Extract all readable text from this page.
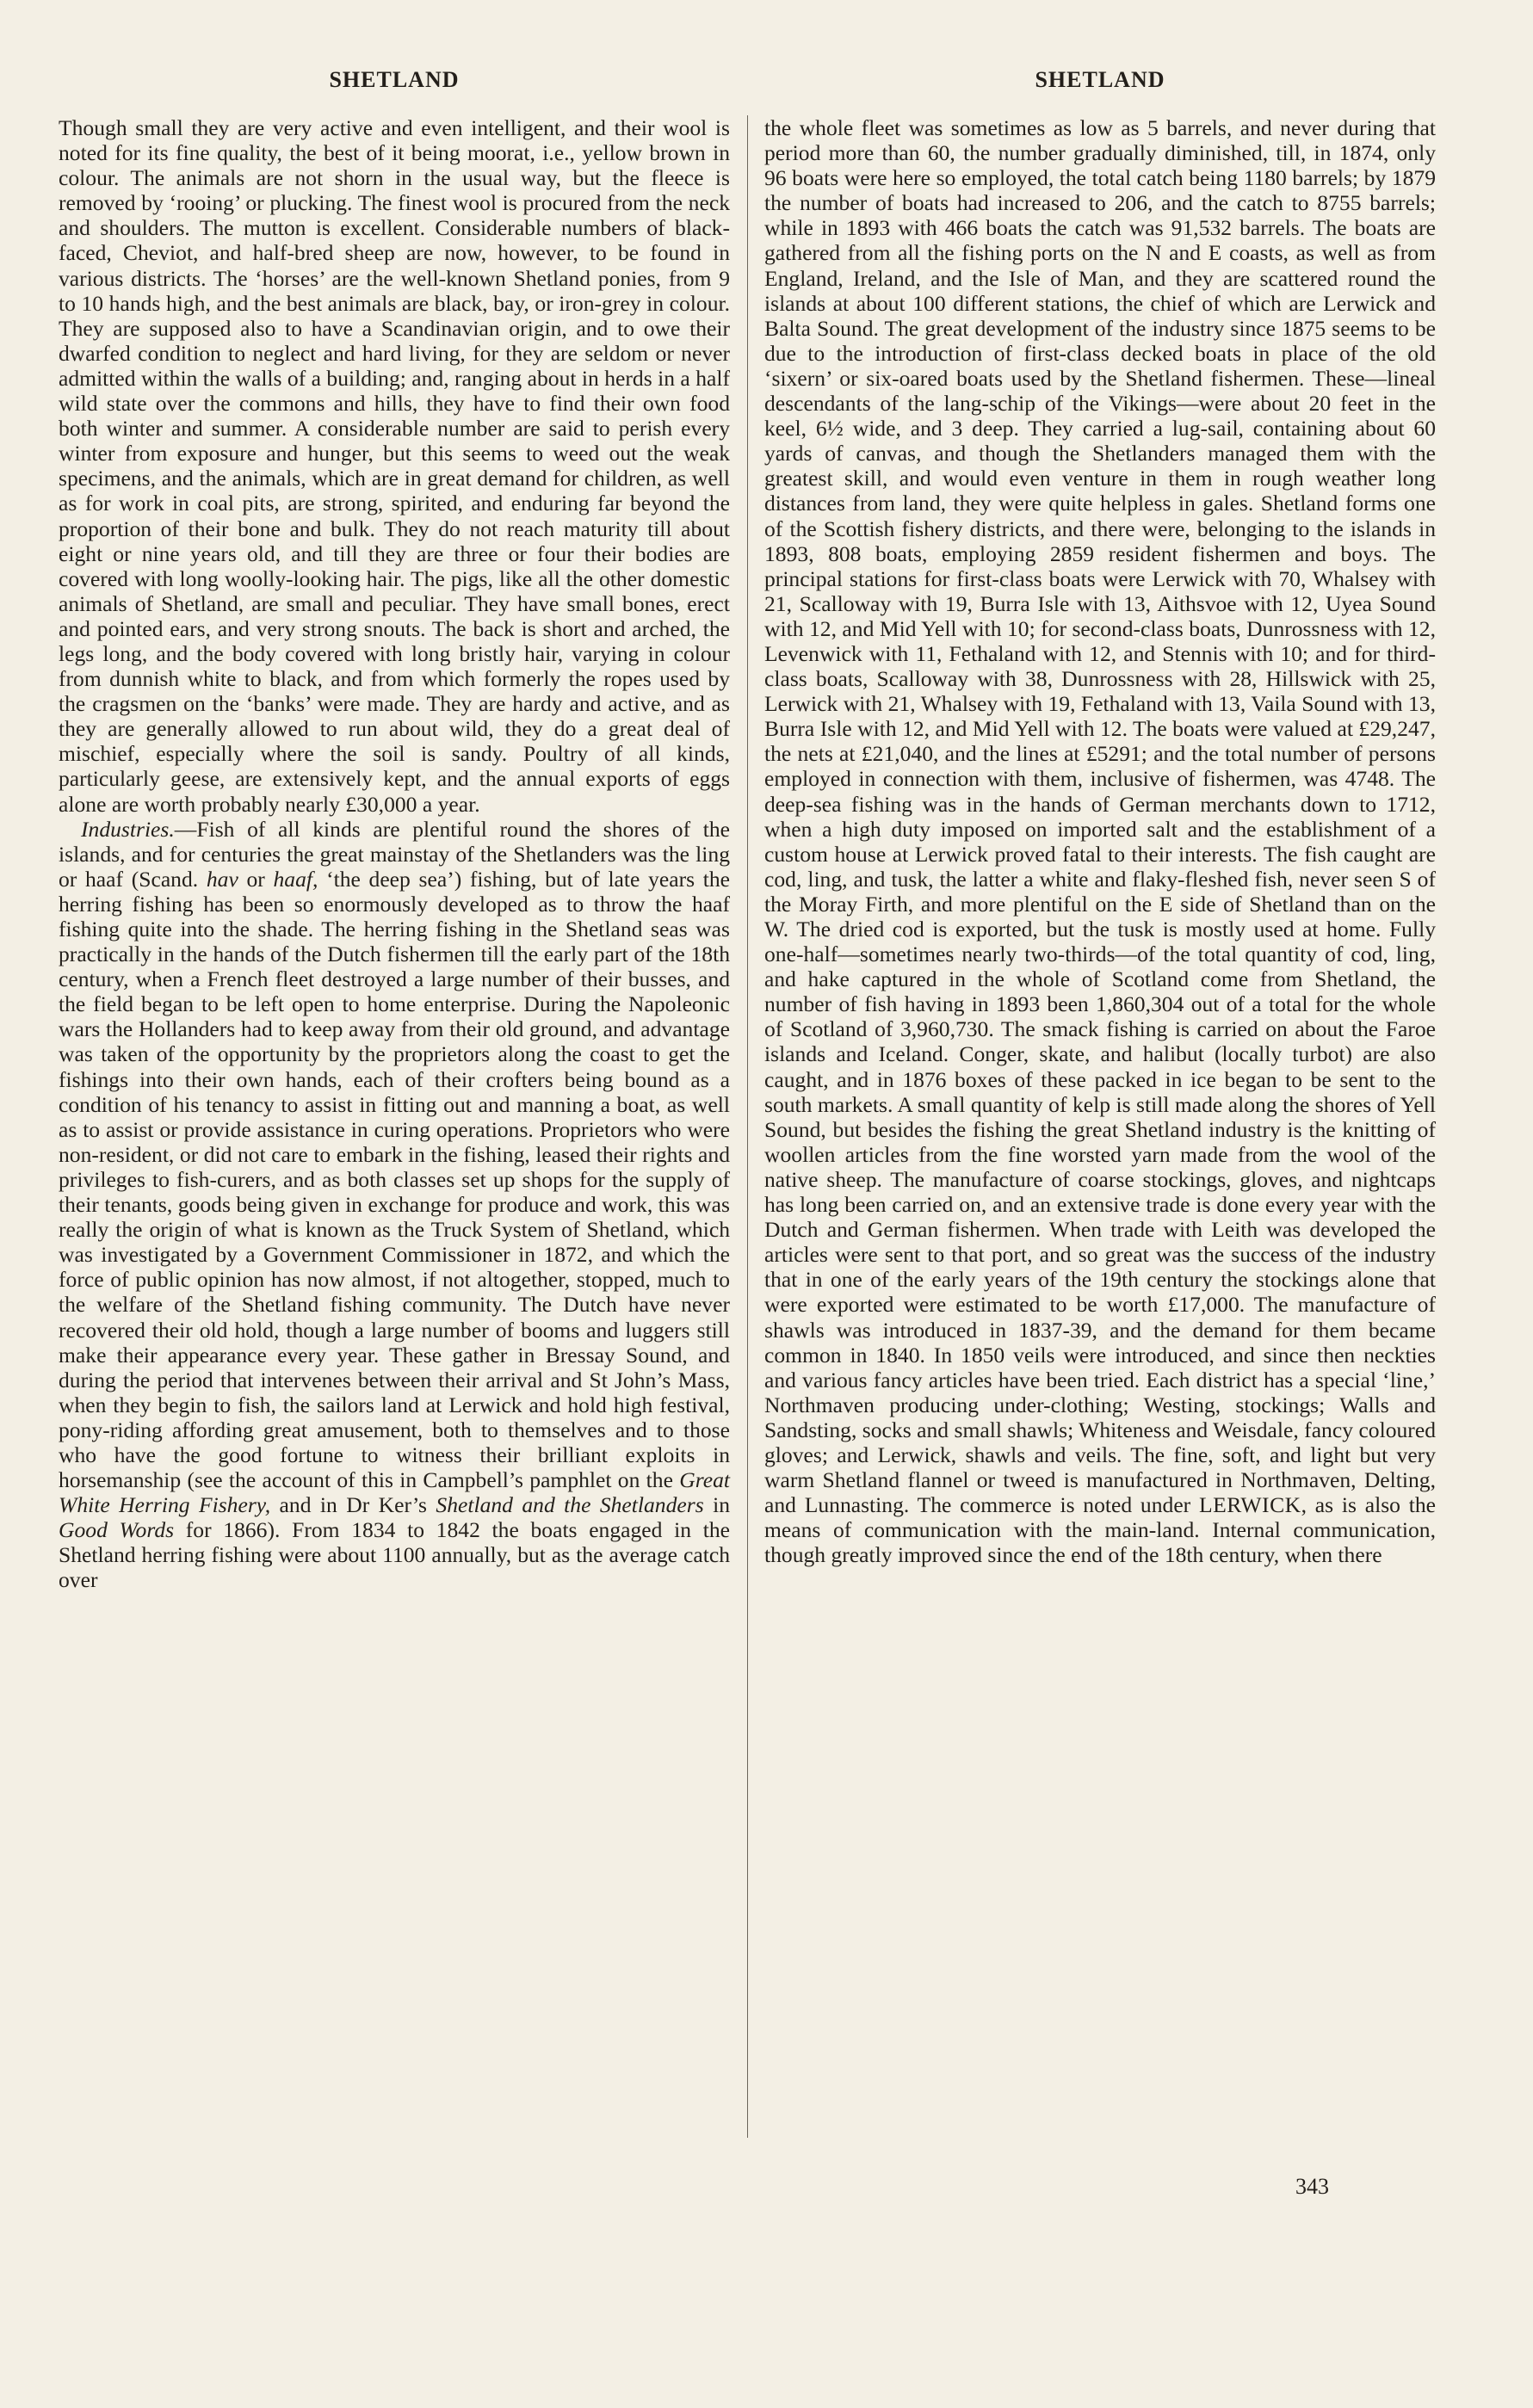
SHETLAND	SHETLAND

Though small they are very active and even intelligent, and their wool is noted for its fine quality, the best of it being moorat, i.e., yellow brown in colour. The animals are not shorn in the usual way, but the fleece is removed by ‘rooing’ or plucking. The finest wool is procured from the neck and shoulders. The mutton is excellent. Considerable numbers of black-faced, Cheviot, and half-bred sheep are now, however, to be found in various districts. The ‘horses’ are the well-known Shetland ponies, from 9 to 10 hands high, and the best animals are black, bay, or iron-grey in colour. They are supposed also to have a Scandinavian origin, and to owe their dwarfed condition to neglect and hard living, for they are seldom or never admitted within the walls of a building; and, ranging about in herds in a half wild state over the commons and hills, they have to find their own food both winter and summer. A considerable number are said to perish every winter from exposure and hunger, but this seems to weed out the weak specimens, and the animals, which are in great demand for children, as well as for work in coal pits, are strong, spirited, and enduring far beyond the proportion of their bone and bulk. They do not reach maturity till about eight or nine years old, and till they are three or four their bodies are covered with long woolly-looking hair. The pigs, like all the other domestic animals of Shetland, are small and peculiar. They have small bones, erect and pointed ears, and very strong snouts. The back is short and arched, the legs long, and the body covered with long bristly hair, varying in colour from dunnish white to black, and from which formerly the ropes used by the cragsmen on the ‘banks’ were made. They are hardy and active, and as they are generally allowed to run about wild, they do a great deal of mischief, especially where the soil is sandy. Poultry of all kinds, particularly geese, are extensively kept, and the annual exports of eggs alone are worth probably nearly £30,000 a year.

Industries.—Fish of all kinds are plentiful round the shores of the islands, and for centuries the great mainstay of the Shetlanders was the ling or haaf (Scand. hav or haaf, ‘the deep sea’) fishing, but of late years the herring fishing has been so enormously developed as to throw the haaf fishing quite into the shade. The herring fishing in the Shetland seas was practically in the hands of the Dutch fishermen till the early part of the 18th century, when a French fleet destroyed a large number of their busses, and the field began to be left open to home enterprise. During the Napoleonic wars the Hollanders had to keep away from their old ground, and advantage was taken of the opportunity by the proprietors along the coast to get the fishings into their own hands, each of their crofters being bound as a condition of his tenancy to assist in fitting out and manning a boat, as well as to assist or provide assistance in curing operations. Proprietors who were non-resident, or did not care to embark in the fishing, leased their rights and privileges to fish-curers, and as both classes set up shops for the supply of their tenants, goods being given in exchange for produce and work, this was really the origin of what is known as the Truck System of Shetland, which was investigated by a Government Commissioner in 1872, and which the force of public opinion has now almost, if not altogether, stopped, much to the welfare of the Shetland fishing community. The Dutch have never recovered their old hold, though a large number of booms and luggers still make their appearance every year. These gather in Bressay Sound, and during the period that intervenes between their arrival and St John’s Mass, when they begin to fish, the sailors land at Lerwick and hold high festival, pony-riding affording great amusement, both to themselves and to those who have the good fortune to witness their brilliant exploits in horsemanship (see the account of this in Campbell’s pamphlet on the Great White Herring Fishery, and in Dr Ker’s Shetland and the Shetlanders in Good Words for 1866). From 1834 to 1842 the boats engaged in the Shetland herring fishing were about 1100 annually, but as the average catch over

the whole fleet was sometimes as low as 5 barrels, and never during that period more than 60, the number gradually diminished, till, in 1874, only 96 boats were here so employed, the total catch being 1180 barrels; by 1879 the number of boats had increased to 206, and the catch to 8755 barrels; while in 1893 with 466 boats the catch was 91,532 barrels. The boats are gathered from all the fishing ports on the N and E coasts, as well as from England, Ireland, and the Isle of Man, and they are scattered round the islands at about 100 different stations, the chief of which are Lerwick and Balta Sound. The great development of the industry since 1875 seems to be due to the introduction of first-class decked boats in place of the old ‘sixern’ or six-oared boats used by the Shetland fishermen. These—lineal descendants of the lang-schip of the Vikings—were about 20 feet in the keel, 6½ wide, and 3 deep. They carried a lug-sail, containing about 60 yards of canvas, and though the Shetlanders managed them with the greatest skill, and would even venture in them in rough weather long distances from land, they were quite helpless in gales. Shetland forms one of the Scottish fishery districts, and there were, belonging to the islands in 1893, 808 boats, employing 2859 resident fishermen and boys. The principal stations for first-class boats were Lerwick with 70, Whalsey with 21, Scalloway with 19, Burra Isle with 13, Aithsvoe with 12, Uyea Sound with 12, and Mid Yell with 10; for second-class boats, Dunrossness with 12, Levenwick with 11, Fethaland with 12, and Stennis with 10; and for third-class boats, Scalloway with 38, Dunrossness with 28, Hillswick with 25, Lerwick with 21, Whalsey with 19, Fethaland with 13, Vaila Sound with 13, Burra Isle with 12, and Mid Yell with 12. The boats were valued at £29,247, the nets at £21,040, and the lines at £5291; and the total number of persons employed in connection with them, inclusive of fishermen, was 4748. The deep-sea fishing was in the hands of German merchants down to 1712, when a high duty imposed on imported salt and the establishment of a custom house at Lerwick proved fatal to their interests. The fish caught are cod, ling, and tusk, the latter a white and flaky-fleshed fish, never seen S of the Moray Firth, and more plentiful on the E side of Shetland than on the W. The dried cod is exported, but the tusk is mostly used at home. Fully one-half—sometimes nearly two-thirds—of the total quantity of cod, ling, and hake captured in the whole of Scotland come from Shetland, the number of fish having in 1893 been 1,860,304 out of a total for the whole of Scotland of 3,960,730. The smack fishing is carried on about the Faroe islands and Iceland. Conger, skate, and halibut (locally turbot) are also caught, and in 1876 boxes of these packed in ice began to be sent to the south markets. A small quantity of kelp is still made along the shores of Yell Sound, but besides the fishing the great Shetland industry is the knitting of woollen articles from the fine worsted yarn made from the wool of the native sheep. The manufacture of coarse stockings, gloves, and nightcaps has long been carried on, and an extensive trade is done every year with the Dutch and German fishermen. When trade with Leith was developed the articles were sent to that port, and so great was the success of the industry that in one of the early years of the 19th century the stockings alone that were exported were estimated to be worth £17,000. The manufacture of shawls was introduced in 1837-39, and the demand for them became common in 1840. In 1850 veils were introduced, and since then neckties and various fancy articles have been tried. Each district has a special ‘line,’ Northmaven producing under-clothing; Westing, stockings; Walls and Sandsting, socks and small shawls; Whiteness and Weisdale, fancy coloured gloves; and Lerwick, shawls and veils. The fine, soft, and light but very warm Shetland flannel or tweed is manufactured in Northmaven, Delting, and Lunnasting. The commerce is noted under LERWICK, as is also the means of communication with the main-land. Internal communication, though greatly improved since the end of the 18th century, when there

343
